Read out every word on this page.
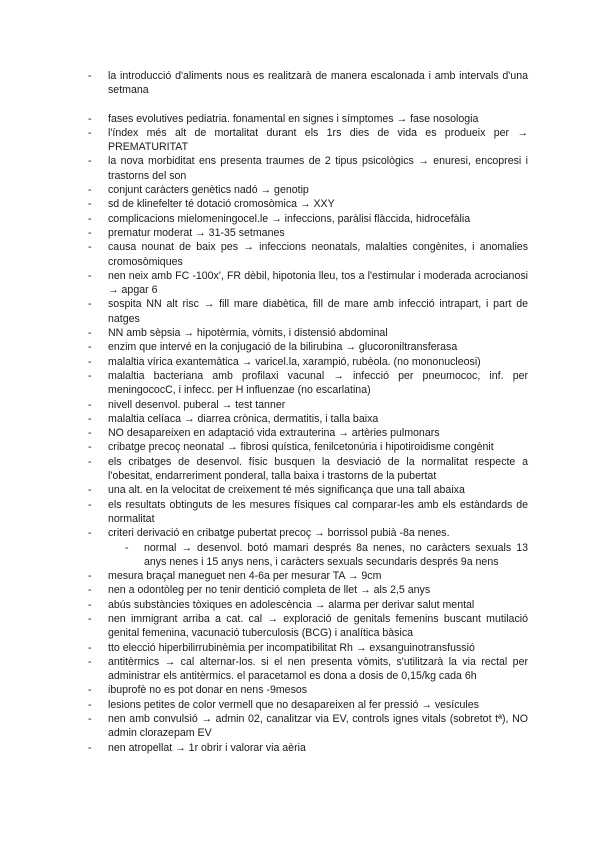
- la introducció d'aliments nous es realitzarà de manera escalonada i amb intervals d'una setmana
- fases evolutives pediatria. fonamental en signes i símptomes → fase nosologia
- l'índex més alt de mortalitat durant els 1rs dies de vida es produeix per → PREMATURITAT
- la nova morbiditat ens presenta traumes de 2 tipus psicològics → enuresi, encopresi i trastorns del son
- conjunt caràcters genètics nadó → genotip
- sd de klinefelter té dotació cromosòmica → XXY
- complicacions mielomeningocel.le → infeccions, paràlisi flàccida, hidrocefàlia
- prematur moderat → 31-35 setmanes
- causa nounat de baix pes → infeccions neonatals, malalties congènites, i anomalies cromosòmiques
- nen neix amb FC -100x', FR dèbil, hipotonia lleu, tos a l'estimular i moderada acrocianosi → apgar 6
- sospita NN alt risc → fill mare diabètica, fill de mare amb infecció intrapart, i part de natges
- NN amb sèpsia → hipotèrmia, vòmits, i distensió abdominal
- enzim que intervé en la conjugació de la bilirubina → glucoroniltransferasa
- malaltia vírica exantemàtica → varicel.la, xarampió, rubèola. (no mononucleosi)
- malaltia bacteriana amb profilaxi vacunal → infecció per pneumococ, inf. per meningococC, i infecc. per H influenzae (no escarlatina)
- nivell desenvol. puberal → test tanner
- malaltia celíaca → diarrea crònica, dermatitis, i talla baixa
- NO desapareixen en adaptació vida extrauterina → artèries pulmonars
- cribatge precoç neonatal → fibrosi quística, fenilcetonúria i hipotiroidisme congènit
- els cribatges de desenvol. físic busquen la desviació de la normalitat respecte a l'obesitat, endarreriment ponderal, talla baixa i trastorns de la pubertat
- una alt. en la velocitat de creixement té més significança que una tall abaixa
- els resultats obtinguts de les mesures físiques cal comparar-les amb els estàndards de normalitat
- criteri derivació en cribatge pubertat precoç → borrissol pubià -8a nenes.
- normal → desenvol. botó mamari després 8a nenes, no caràcters sexuals 13 anys nenes i 15 anys nens, i caràcters sexuals secundaris després 9a nens
- mesura braçal maneguet nen 4-6a per mesurar TA → 9cm
- nen a odontòleg per no tenir dentició completa de llet → als 2,5 anys
- abús substàncies tòxiques en adolescència → alarma per derivar salut mental
- nen immigrant arriba a cat. cal → exploració de genitals femenins buscant mutilació genital femenina, vacunació tuberculosis (BCG) i analítica bàsica
- tto elecció hiperbilirrubinèmia per incompatibilitat Rh → exsanguinotransfussió
- antitèrmics → cal alternar-los. si el nen presenta vòmits, s'utilitzarà la via rectal per administrar els antitèrmics. el paracetamol es dona a dosis de 0,15/kg cada 6h
- ibuprofè no es pot donar en nens -9mesos
- lesions petites de color vermell que no desapareixen al fer pressió → vesícules
- nen amb convulsió → admin 02, canalitzar via EV, controls ignes vitals (sobretot tª), NO admin clorazepam EV
- nen atropellat → 1r obrir i valorar via aèria
